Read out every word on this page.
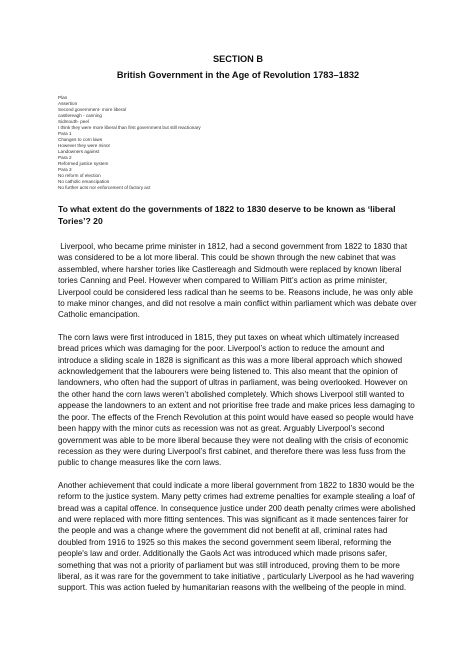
SECTION B
British Government in the Age of Revolution 1783–1832
Plan
Assertion
Second government- more liberal
castlereagh - canning
Sidmouth- peel
I think they were more liberal than first government but still reactionary
Para 1
Changes to corn laws
However they were minor
Landowners against
Para 2
Reformed justice system
Para 3
No reform of election
No catholic emancipation
No further acts nor enforcement of factory act
To what extent do the governments of 1822 to 1830 deserve to be known as ‘liberal Tories’? 20
Liverpool, who became prime minister in 1812, had a second government from 1822 to 1830 that was considered to be a lot more liberal. This could be shown through the new cabinet that was assembled, where harsher tories like Castlereagh and Sidmouth were replaced by known liberal tories Canning and Peel. However when compared to William Pitt’s action as prime minister, Liverpool could be considered less radical than he seems to be. Reasons include, he was only able to make minor changes, and did not resolve a main conflict within parliament which was debate over Catholic emancipation.
The corn laws were first introduced in 1815, they put taxes on wheat which ultimately increased bread prices which was damaging for the poor. Liverpool’s action to reduce the amount and introduce a sliding scale in 1828 is significant as this was a more liberal approach which showed acknowledgement that the labourers were being listened to. This also meant that the opinion of landowners, who often had the support of ultras in parliament, was being overlooked. However on the other hand the corn laws weren’t abolished completely. Which shows Liverpool still wanted to appease the landowners to an extent and not prioritise free trade and make prices less damaging to the poor. The effects of the French Revolution at this point would have eased so people would have been happy with the minor cuts as recession was not as great. Arguably Liverpool’s second government was able to be more liberal because they were not dealing with the crisis of economic recession as they were during Liverpool’s first cabinet, and therefore there was less fuss from the public to change measures like the corn laws.
Another achievement that could indicate a more liberal government from 1822 to 1830 would be the reform to the justice system. Many petty crimes had extreme penalties for example stealing a loaf of bread was a capital offence. In consequence justice under 200 death penalty crimes were abolished and were replaced with more fitting sentences. This was significant as it made sentences fairer for the people and was a change where the government did not benefit at all, criminal rates had doubled from 1916 to 1925 so this makes the second government seem liberal, reforming the people's law and order. Additionally the Gaols Act was introduced which made prisons safer, something that was not a priority of parliament but was still introduced, proving them to be more liberal, as it was rare for the government to take initiative , particularly Liverpool as he had wavering support. This was action fueled by humanitarian reasons with the wellbeing of the people in mind.
